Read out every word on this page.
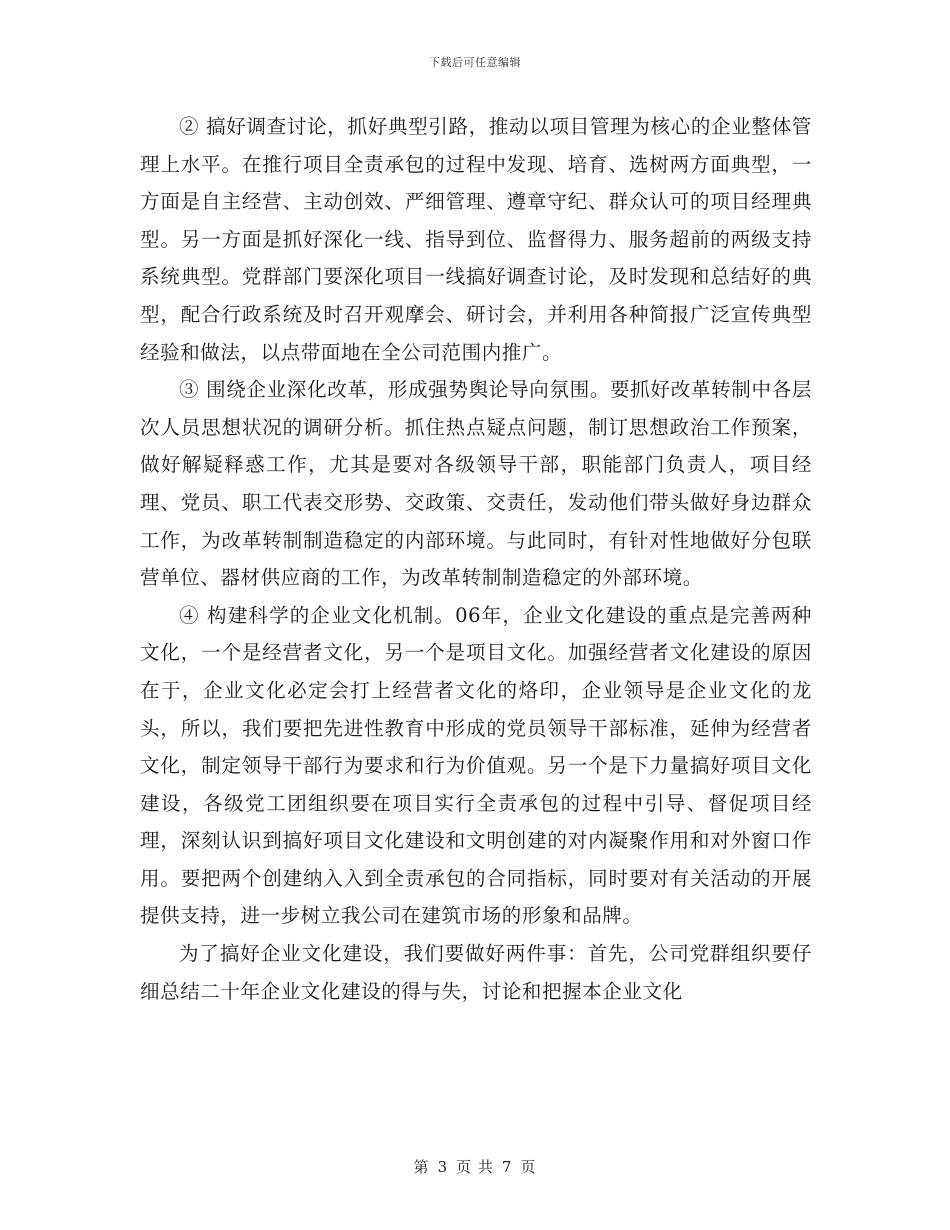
下载后可任意编辑

② 搞好调查讨论，抓好典型引路，推动以项目管理为核心的企业整体管理上水平。在推行项目全责承包的过程中发现、培育、选树两方面典型，一方面是自主经营、主动创效、严细管理、遵章守纪、群众认可的项目经理典型。另一方面是抓好深化一线、指导到位、监督得力、服务超前的两级支持系统典型。党群部门要深化项目一线搞好调查讨论，及时发现和总结好的典型，配合行政系统及时召开观摩会、研讨会，并利用各种简报广泛宣传典型经验和做法，以点带面地在全公司范围内推广。

③ 围绕企业深化改革，形成强势舆论导向氛围。要抓好改革转制中各层次人员思想状况的调研分析。抓住热点疑点问题，制订思想政治工作预案，做好解疑释惑工作，尤其是要对各级领导干部，职能部门负责人，项目经理、党员、职工代表交形势、交政策、交责任，发动他们带头做好身边群众工作，为改革转制制造稳定的内部环境。与此同时，有针对性地做好分包联营单位、器材供应商的工作，为改革转制制造稳定的外部环境。

④ 构建科学的企业文化机制。06年，企业文化建设的重点是完善两种文化，一个是经营者文化，另一个是项目文化。加强经营者文化建设的原因在于，企业文化必定会打上经营者文化的烙印，企业领导是企业文化的龙头，所以，我们要把先进性教育中形成的党员领导干部标准，延伸为经营者文化，制定领导干部行为要求和行为价值观。另一个是下力量搞好项目文化建设，各级党工团组织要在项目实行全责承包的过程中引导、督促项目经理，深刻认识到搞好项目文化建设和文明创建的对内凝聚作用和对外窗口作用。要把两个创建纳入入到全责承包的合同指标，同时要对有关活动的开展提供支持，进一步树立我公司在建筑市场的形象和品牌。

为了搞好企业文化建设，我们要做好两件事：首先，公司党群组织要仔细总结二十年企业文化建设的得与失，讨论和把握本企业文化

第 3 页 共 7 页
